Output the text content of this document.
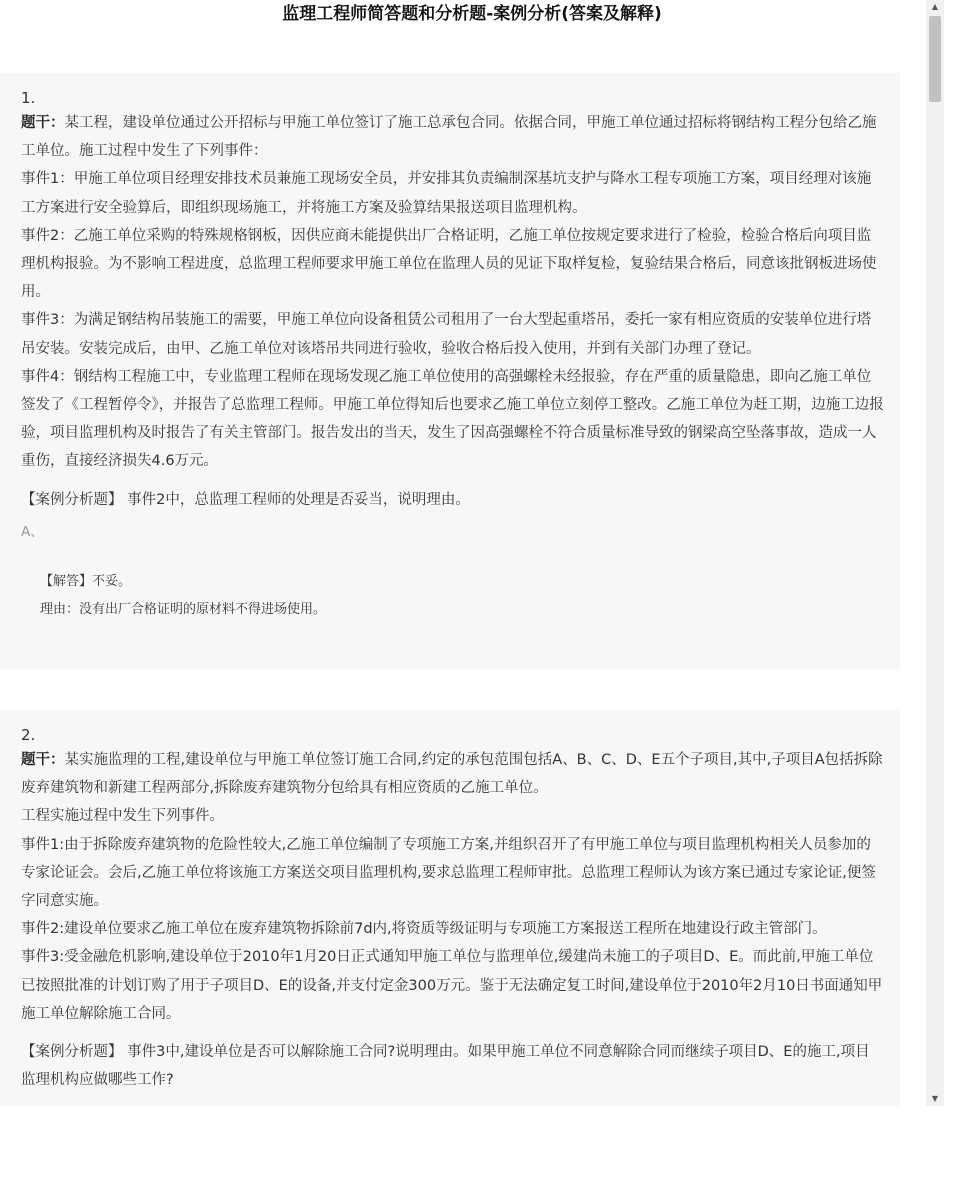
监理工程师简答题和分析题-案例分析(答案及解释)

1.

题干：某工程，建设单位通过公开招标与甲施工单位签订了施工总承包合同。依据合同，甲施工单位通过招标将钢结构工程分包给乙施工单位。施工过程中发生了下列事件：

事件1：甲施工单位项目经理安排技术员兼施工现场安全员，并安排其负责编制深基坑支护与降水工程专项施工方案，项目经理对该施工方案进行安全验算后，即组织现场施工，并将施工方案及验算结果报送项目监理机构。

事件2：乙施工单位采购的特殊规格钢板，因供应商未能提供出厂合格证明，乙施工单位按规定要求进行了检验，检验合格后向项目监理机构报验。为不影响工程进度，总监理工程师要求甲施工单位在监理人员的见证下取样复检，复验结果合格后，同意该批钢板进场使用。

事件3：为满足钢结构吊装施工的需要，甲施工单位向设备租赁公司租用了一台大型起重塔吊，委托一家有相应资质的安装单位进行塔吊安装。安装完成后，由甲、乙施工单位对该塔吊共同进行验收，验收合格后投入使用，并到有关部门办理了登记。

事件4：钢结构工程施工中，专业监理工程师在现场发现乙施工单位使用的高强螺栓未经报验，存在严重的质量隐患，即向乙施工单位签发了《工程暂停令》，并报告了总监理工程师。甲施工单位得知后也要求乙施工单位立刻停工整改。乙施工单位为赶工期，边施工边报验，项目监理机构及时报告了有关主管部门。报告发出的当天，发生了因高强螺栓不符合质量标准导致的钢梁高空坠落事故，造成一人重伤，直接经济损失4.6万元。

【案例分析题】 事件2中，总监理工程师的处理是否妥当，说明理由。

A、

【解答】不妥。

理由：没有出厂合格证明的原材料不得进场使用。

2.

题干：某实施监理的工程,建设单位与甲施工单位签订施工合同,约定的承包范围包括A、B、C、D、E五个子项目,其中,子项目A包括拆除废弃建筑物和新建工程两部分,拆除废弃建筑物分包给具有相应资质的乙施工单位。

工程实施过程中发生下列事件。

事件1:由于拆除废弃建筑物的危险性较大,乙施工单位编制了专项施工方案,并组织召开了有甲施工单位与项目监理机构相关人员参加的专家论证会。会后,乙施工单位将该施工方案送交项目监理机构,要求总监理工程师审批。总监理工程师认为该方案已通过专家论证,便签字同意实施。

事件2:建设单位要求乙施工单位在废弃建筑物拆除前7d内,将资质等级证明与专项施工方案报送工程所在地建设行政主管部门。

事件3:受金融危机影响,建设单位于2010年1月20日正式通知甲施工单位与监理单位,缓建尚未施工的子项目D、E。而此前,甲施工单位已按照批准的计划订购了用于子项目D、E的设备,并支付定金300万元。鉴于无法确定复工时间,建设单位于2010年2月10日书面通知甲施工单位解除施工合同。

【案例分析题】 事件3中,建设单位是否可以解除施工合同?说明理由。如果甲施工单位不同意解除合同而继续子项目D、E的施工,项目监理机构应做哪些工作?

▲
▼
